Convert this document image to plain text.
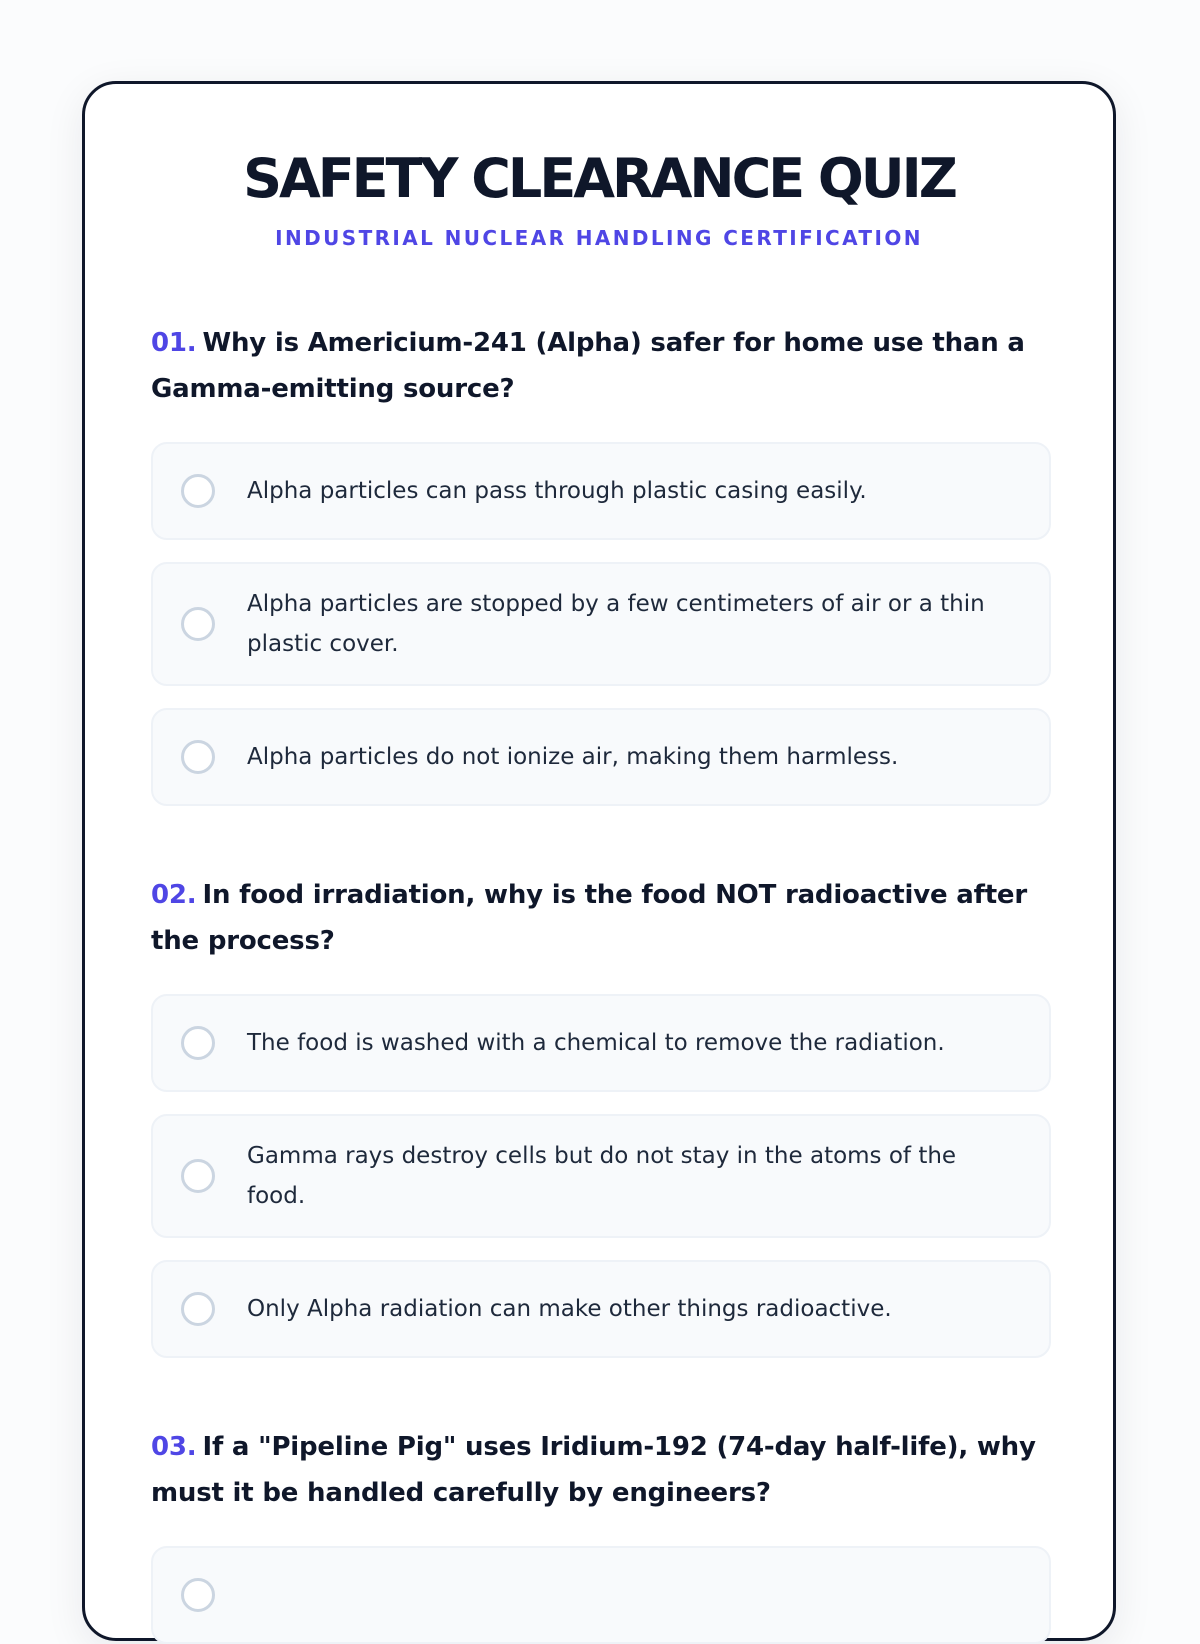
SAFETY CLEARANCE QUIZ
INDUSTRIAL NUCLEAR HANDLING CERTIFICATION

01. Why is Americium-241 (Alpha) safer for home use than a Gamma-emitting source?

Alpha particles can pass through plastic casing easily.
Alpha particles are stopped by a few centimeters of air or a thin plastic cover.
Alpha particles do not ionize air, making them harmless.

02. In food irradiation, why is the food NOT radioactive after the process?

The food is washed with a chemical to remove the radiation.
Gamma rays destroy cells but do not stay in the atoms of the food.
Only Alpha radiation can make other things radioactive.

03. If a "Pipeline Pig" uses Iridium-192 (74-day half-life), why must it be handled carefully by engineers?
